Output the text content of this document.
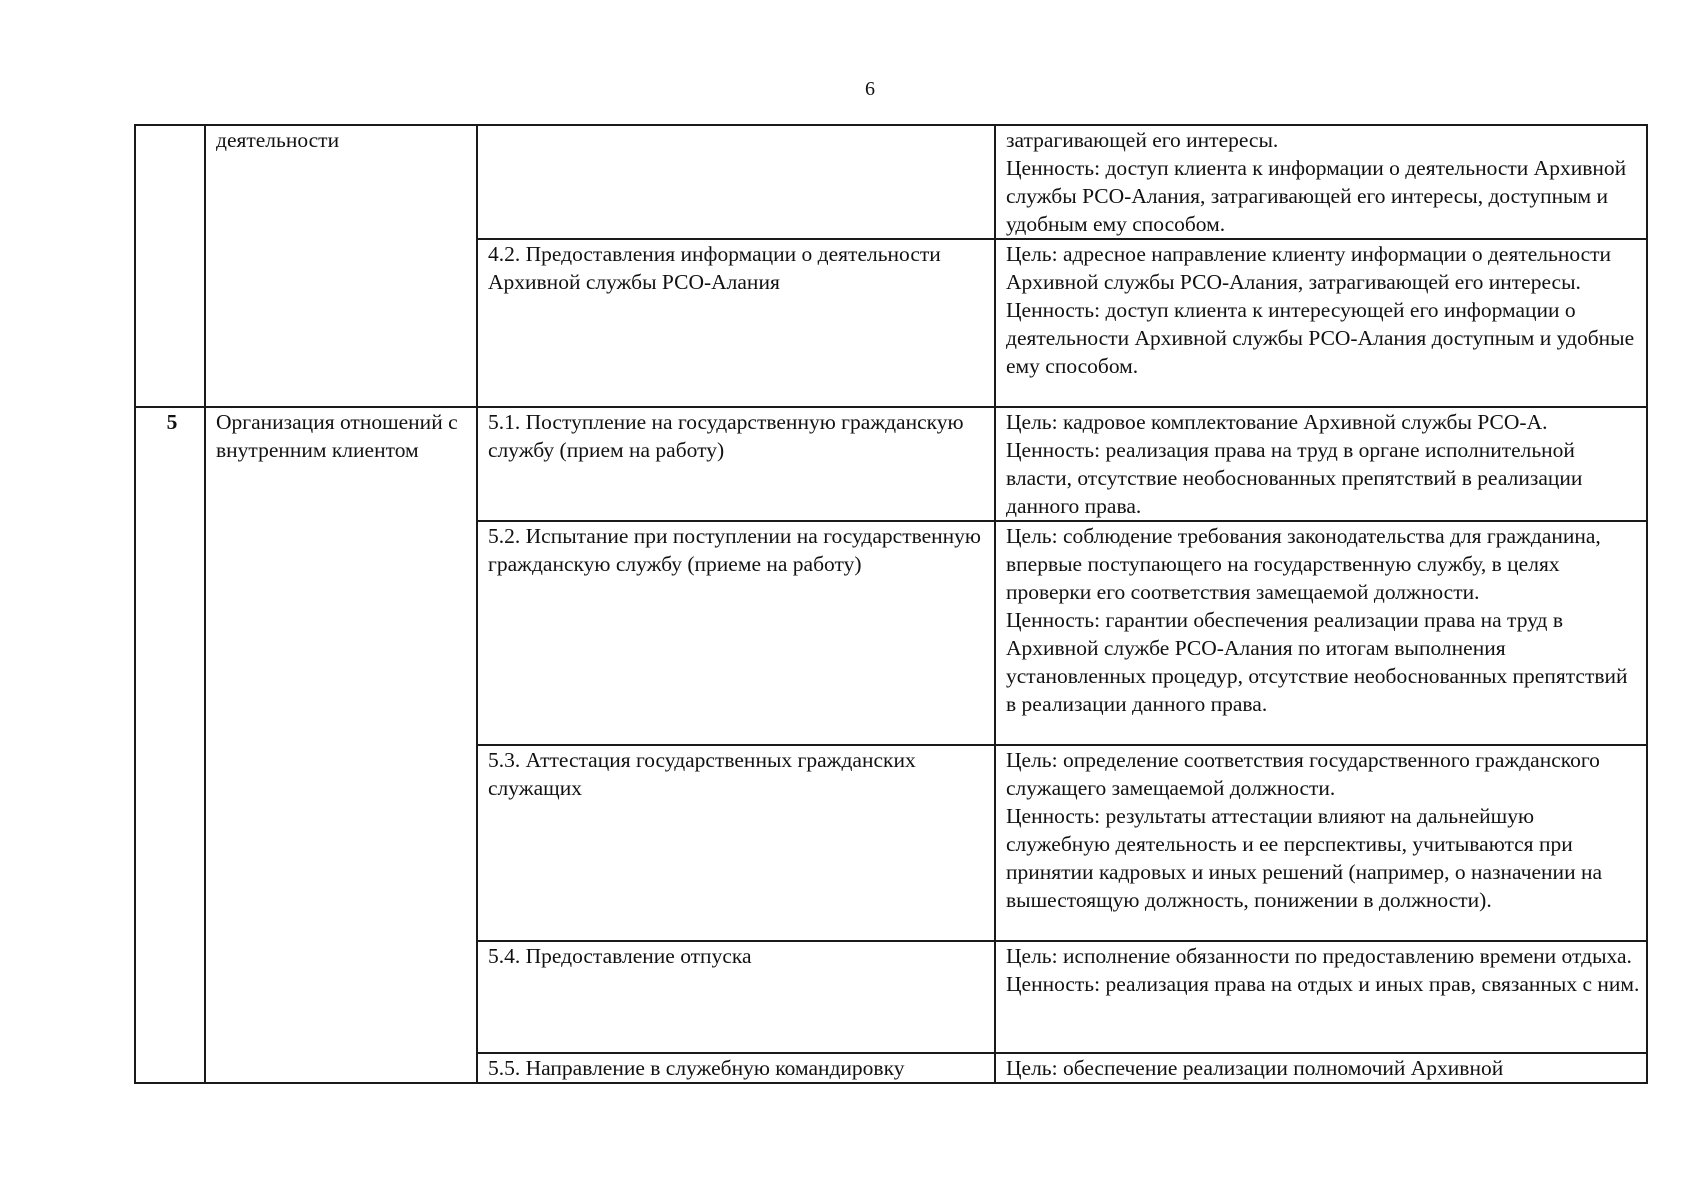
6
	деятельности		затрагивающей его интересы.
Ценность: доступ клиента к информации о деятельности Архивной службы РСО-Алания, затрагивающей его интересы, доступным и удобным ему способом.
		4.2. Предоставления информации о деятельности Архивной службы РСО-Алания	Цель: адресное направление клиенту информации о деятельности Архивной службы РСО-Алания, затрагивающей его интересы.
Ценность: доступ клиента к интересующей его информации о деятельности Архивной службы РСО-Алания доступным и удобные ему способом.
5	Организация отношений с внутренним клиентом	5.1. Поступление на государственную гражданскую службу (прием на работу)	Цель: кадровое комплектование Архивной службы РСО-А.
Ценность: реализация права на труд в органе исполнительной власти, отсутствие необоснованных препятствий в реализации данного права.
		5.2. Испытание при поступлении на государственную гражданскую службу (приеме на работу)	Цель: соблюдение требования законодательства для гражданина, впервые поступающего на государственную службу, в целях проверки его соответствия замещаемой должности.
Ценность: гарантии обеспечения реализации права на труд в Архивной службе РСО-Алания по итогам выполнения установленных процедур, отсутствие необоснованных препятствий в реализации данного права.
		5.3. Аттестация государственных гражданских служащих	Цель: определение соответствия государственного гражданского служащего замещаемой должности.
Ценность: результаты аттестации влияют на дальнейшую служебную деятельность и ее перспективы, учитываются при принятии кадровых и иных решений (например, о назначении на вышестоящую должность, понижении в должности).
		5.4. Предоставление отпуска	Цель: исполнение обязанности по предоставлению времени отдыха.
Ценность: реализация права на отдых и иных прав, связанных с ним.
		5.5. Направление в служебную командировку	Цель: обеспечение реализации полномочий Архивной
